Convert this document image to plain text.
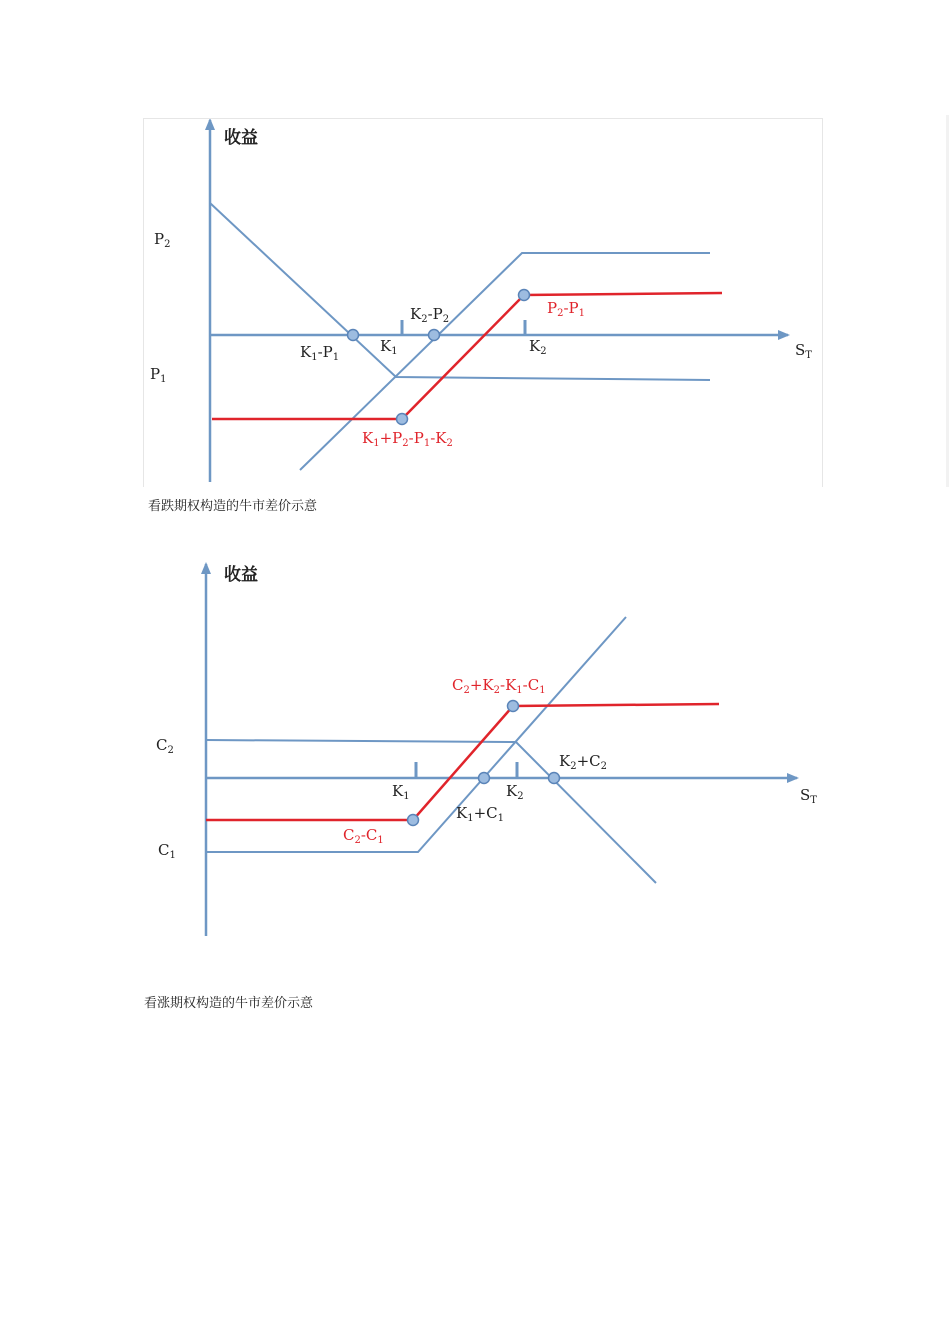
收益
$S_T$
$P_2$
$P_1$
$K_1$	$K_2$
$K_1-P_1$
$K_2-P_2$
$P_2-P_1$
$K_1+P_2-P_1-K_2$
看跌期权构造的牛市差价示意
收益
$S_T$
$C_2$
$C_1$
$K_1$	$K_2$
$K_1+C_1$
$K_2+C_2$
$C_2-C_1$
$C_2+K_2-K_1-C_1$
看涨期权构造的牛市差价示意
